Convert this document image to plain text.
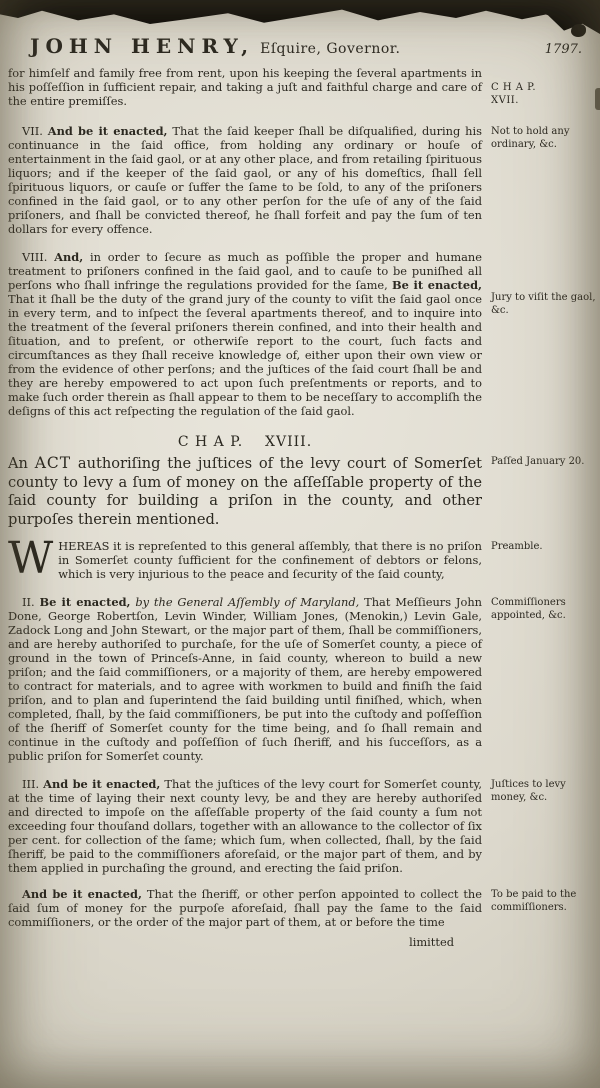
JOHN HENRY, Eſquire, Governor.	1797.

for himſelf and family free from rent, upon his keeping the ſeveral apartments in his poſſeſſion in ſufficient repair, and taking a juſt and faithful charge and care of the entire premiſſes.

C H A P.
XVII.

VII. And be it enacted, That the ſaid keeper ſhall be diſqualified, during his continuance in the ſaid office, from holding any ordinary or houſe of entertainment in the ſaid gaol, or at any other place, and from retailing ſpirituous liquors; and if the keeper of the ſaid gaol, or any of his domeſtics, ſhall ſell ſpirituous liquors, or cauſe or ſuffer the ſame to be ſold, to any of the priſoners confined in the ſaid gaol, or to any other perſon for the uſe of any of the ſaid priſoners, and ſhall be convicted thereof, he ſhall forfeit and pay the ſum of ten dollars for every offence.

Not to hold any ordinary, &c.

VIII. And, in order to ſecure as much as poſſible the proper and humane treatment to priſoners confined in the ſaid gaol, and to cauſe to be puniſhed all perſons who ſhall infringe the regulations provided for the ſame, Be it enacted, That it ſhall be the duty of the grand jury of the county to viſit the ſaid gaol once in every term, and to inſpect the ſeveral apartments thereof, and to inquire into the treatment of the ſeveral priſoners therein confined, and into their health and ſituation, and to preſent, or otherwiſe report to the court, ſuch facts and circumſtances as they ſhall receive knowledge of, either upon their own view or from the evidence of other perſons; and the juſtices of the ſaid court ſhall be and they are hereby empowered to act upon ſuch preſentments or reports, and to make ſuch order therein as ſhall appear to them to be neceſſary to accompliſh the deſigns of this act reſpecting the regulation of the ſaid gaol.

Jury to viſit the gaol, &c.

C H A P.    XVIII.

An ACT authoriſing the juſtices of the levy court of Somerſet county to levy a ſum of money on the aſſeſſable property of the ſaid county for building a priſon in the county, and other purpoſes therein mentioned.

Paſſed January 20.

WHEREAS it is repreſented to this general aſſembly, that there is no priſon in Somerſet county ſufficient for the confinement of debtors or felons, which is very injurious to the peace and ſecurity of the ſaid county,

Preamble.

II. Be it enacted, by the General Aſſembly of Maryland, That Meſſieurs John Done, George Robertſon, Levin Winder, William Jones, (Menokin,) Levin Gale, Zadock Long and John Stewart, or the major part of them, ſhall be commiſſioners, and are hereby authoriſed to purchaſe, for the uſe of Somerſet county, a piece of ground in the town of Princeſs-Anne, in ſaid county, whereon to build a new priſon; and the ſaid commiſſioners, or a majority of them, are hereby empowered to contract for materials, and to agree with workmen to build and finiſh the ſaid priſon, and to plan and ſuperintend the ſaid building until finiſhed, which, when completed, ſhall, by the ſaid commiſſioners, be put into the cuſtody and poſſeſſion of the ſheriff of Somerſet county for the time being, and ſo ſhall remain and continue in the cuſtody and poſſeſſion of ſuch ſheriff, and his ſucceſſors, as a public priſon for Somerſet county.

Commiſſioners appointed, &c.

III. And be it enacted, That the juſtices of the levy court for Somerſet county, at the time of laying their next county levy, be and they are hereby authoriſed and directed to impoſe on the aſſeſſable property of the ſaid county a ſum not exceeding four thouſand dollars, together with an allowance to the collector of ſix per cent. for collection of the ſame; which ſum, when collected, ſhall, by the ſaid ſheriff, be paid to the commiſſioners aforeſaid, or the major part of them, and by them applied in purchaſing the ground, and erecting the ſaid priſon.

Juſtices to levy money, &c.

And be it enacted, That the ſheriff, or other perſon appointed to collect the ſaid ſum of money for the purpoſe aforeſaid, ſhall pay the ſame to the ſaid commiſſioners, or the order of the major part of them, at or before the time

limitted
To be paid to the commiſſioners.
